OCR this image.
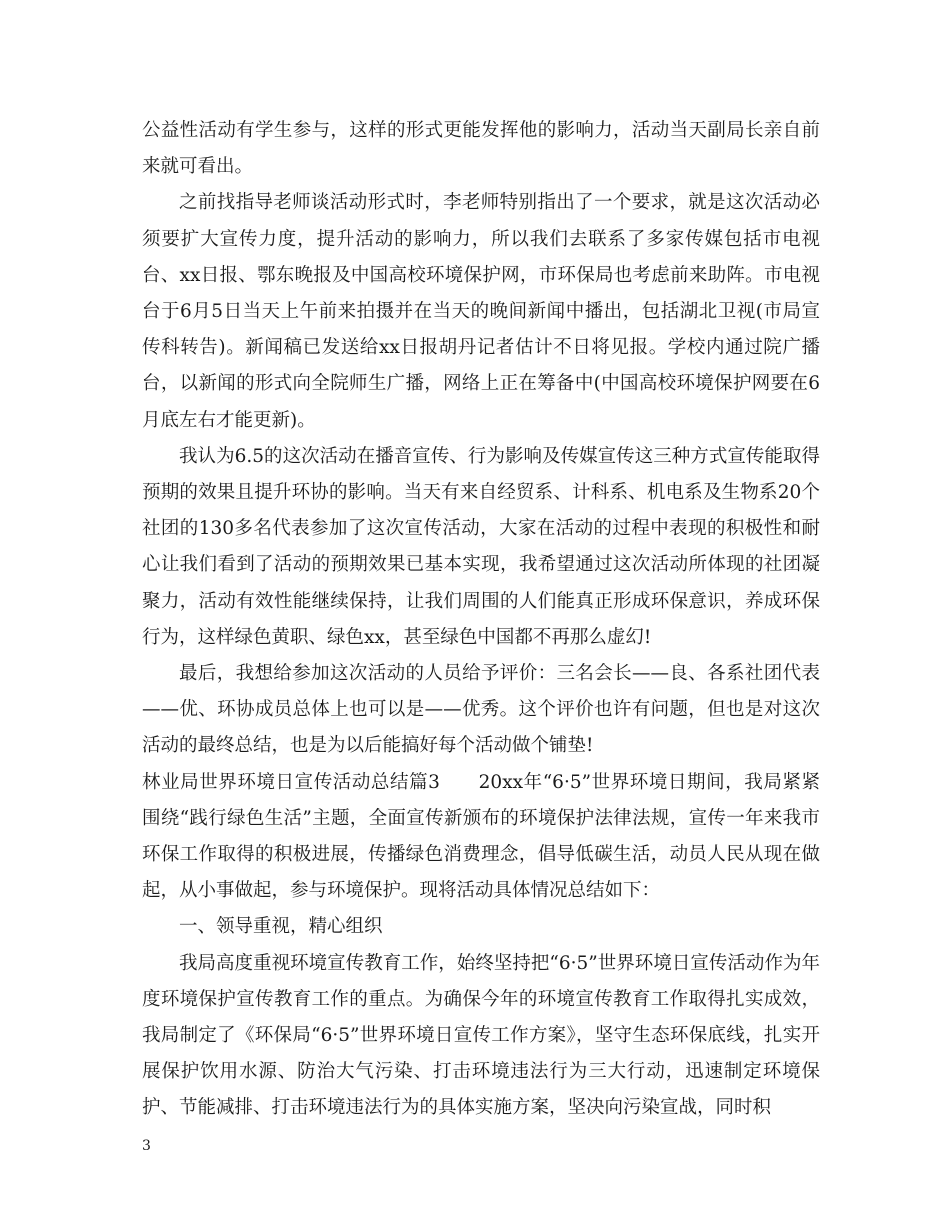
公益性活动有学生参与，这样的形式更能发挥他的影响力，活动当天副局长亲自前来就可看出。

之前找指导老师谈活动形式时，李老师特别指出了一个要求，就是这次活动必须要扩大宣传力度，提升活动的影响力，所以我们去联系了多家传媒包括市电视台、xx日报、鄂东晚报及中国高校环境保护网，市环保局也考虑前来助阵。市电视台于6月5日当天上午前来拍摄并在当天的晚间新闻中播出，包括湖北卫视(市局宣传科转告)。新闻稿已发送给xx日报胡丹记者估计不日将见报。学校内通过院广播台，以新闻的形式向全院师生广播，网络上正在筹备中(中国高校环境保护网要在6月底左右才能更新)。

我认为6.5的这次活动在播音宣传、行为影响及传媒宣传这三种方式宣传能取得预期的效果且提升环协的影响。当天有来自经贸系、计科系、机电系及生物系20个社团的130多名代表参加了这次宣传活动，大家在活动的过程中表现的积极性和耐心让我们看到了活动的预期效果已基本实现，我希望通过这次活动所体现的社团凝聚力，活动有效性能继续保持，让我们周围的人们能真正形成环保意识，养成环保行为，这样绿色黄职、绿色xx，甚至绿色中国都不再那么虚幻!

最后，我想给参加这次活动的人员给予评价：三名会长——良、各系社团代表——优、环协成员总体上也可以是——优秀。这个评价也许有问题，但也是对这次活动的最终总结，也是为以后能搞好每个活动做个铺垫!

林业局世界环境日宣传活动总结篇3　　20xx年“6·5”世界环境日期间，我局紧紧围绕“践行绿色生活”主题，全面宣传新颁布的环境保护法律法规，宣传一年来我市环保工作取得的积极进展，传播绿色消费理念，倡导低碳生活，动员人民从现在做起，从小事做起，参与环境保护。现将活动具体情况总结如下：

一、领导重视，精心组织

我局高度重视环境宣传教育工作，始终坚持把“6·5”世界环境日宣传活动作为年度环境保护宣传教育工作的重点。为确保今年的环境宣传教育工作取得扎实成效，我局制定了《环保局“6·5”世界环境日宣传工作方案》，坚守生态环保底线，扎实开展保护饮用水源、防治大气污染、打击环境违法行为三大行动，迅速制定环境保护、节能减排、打击环境违法行为的具体实施方案，坚决向污染宣战，同时积

3
